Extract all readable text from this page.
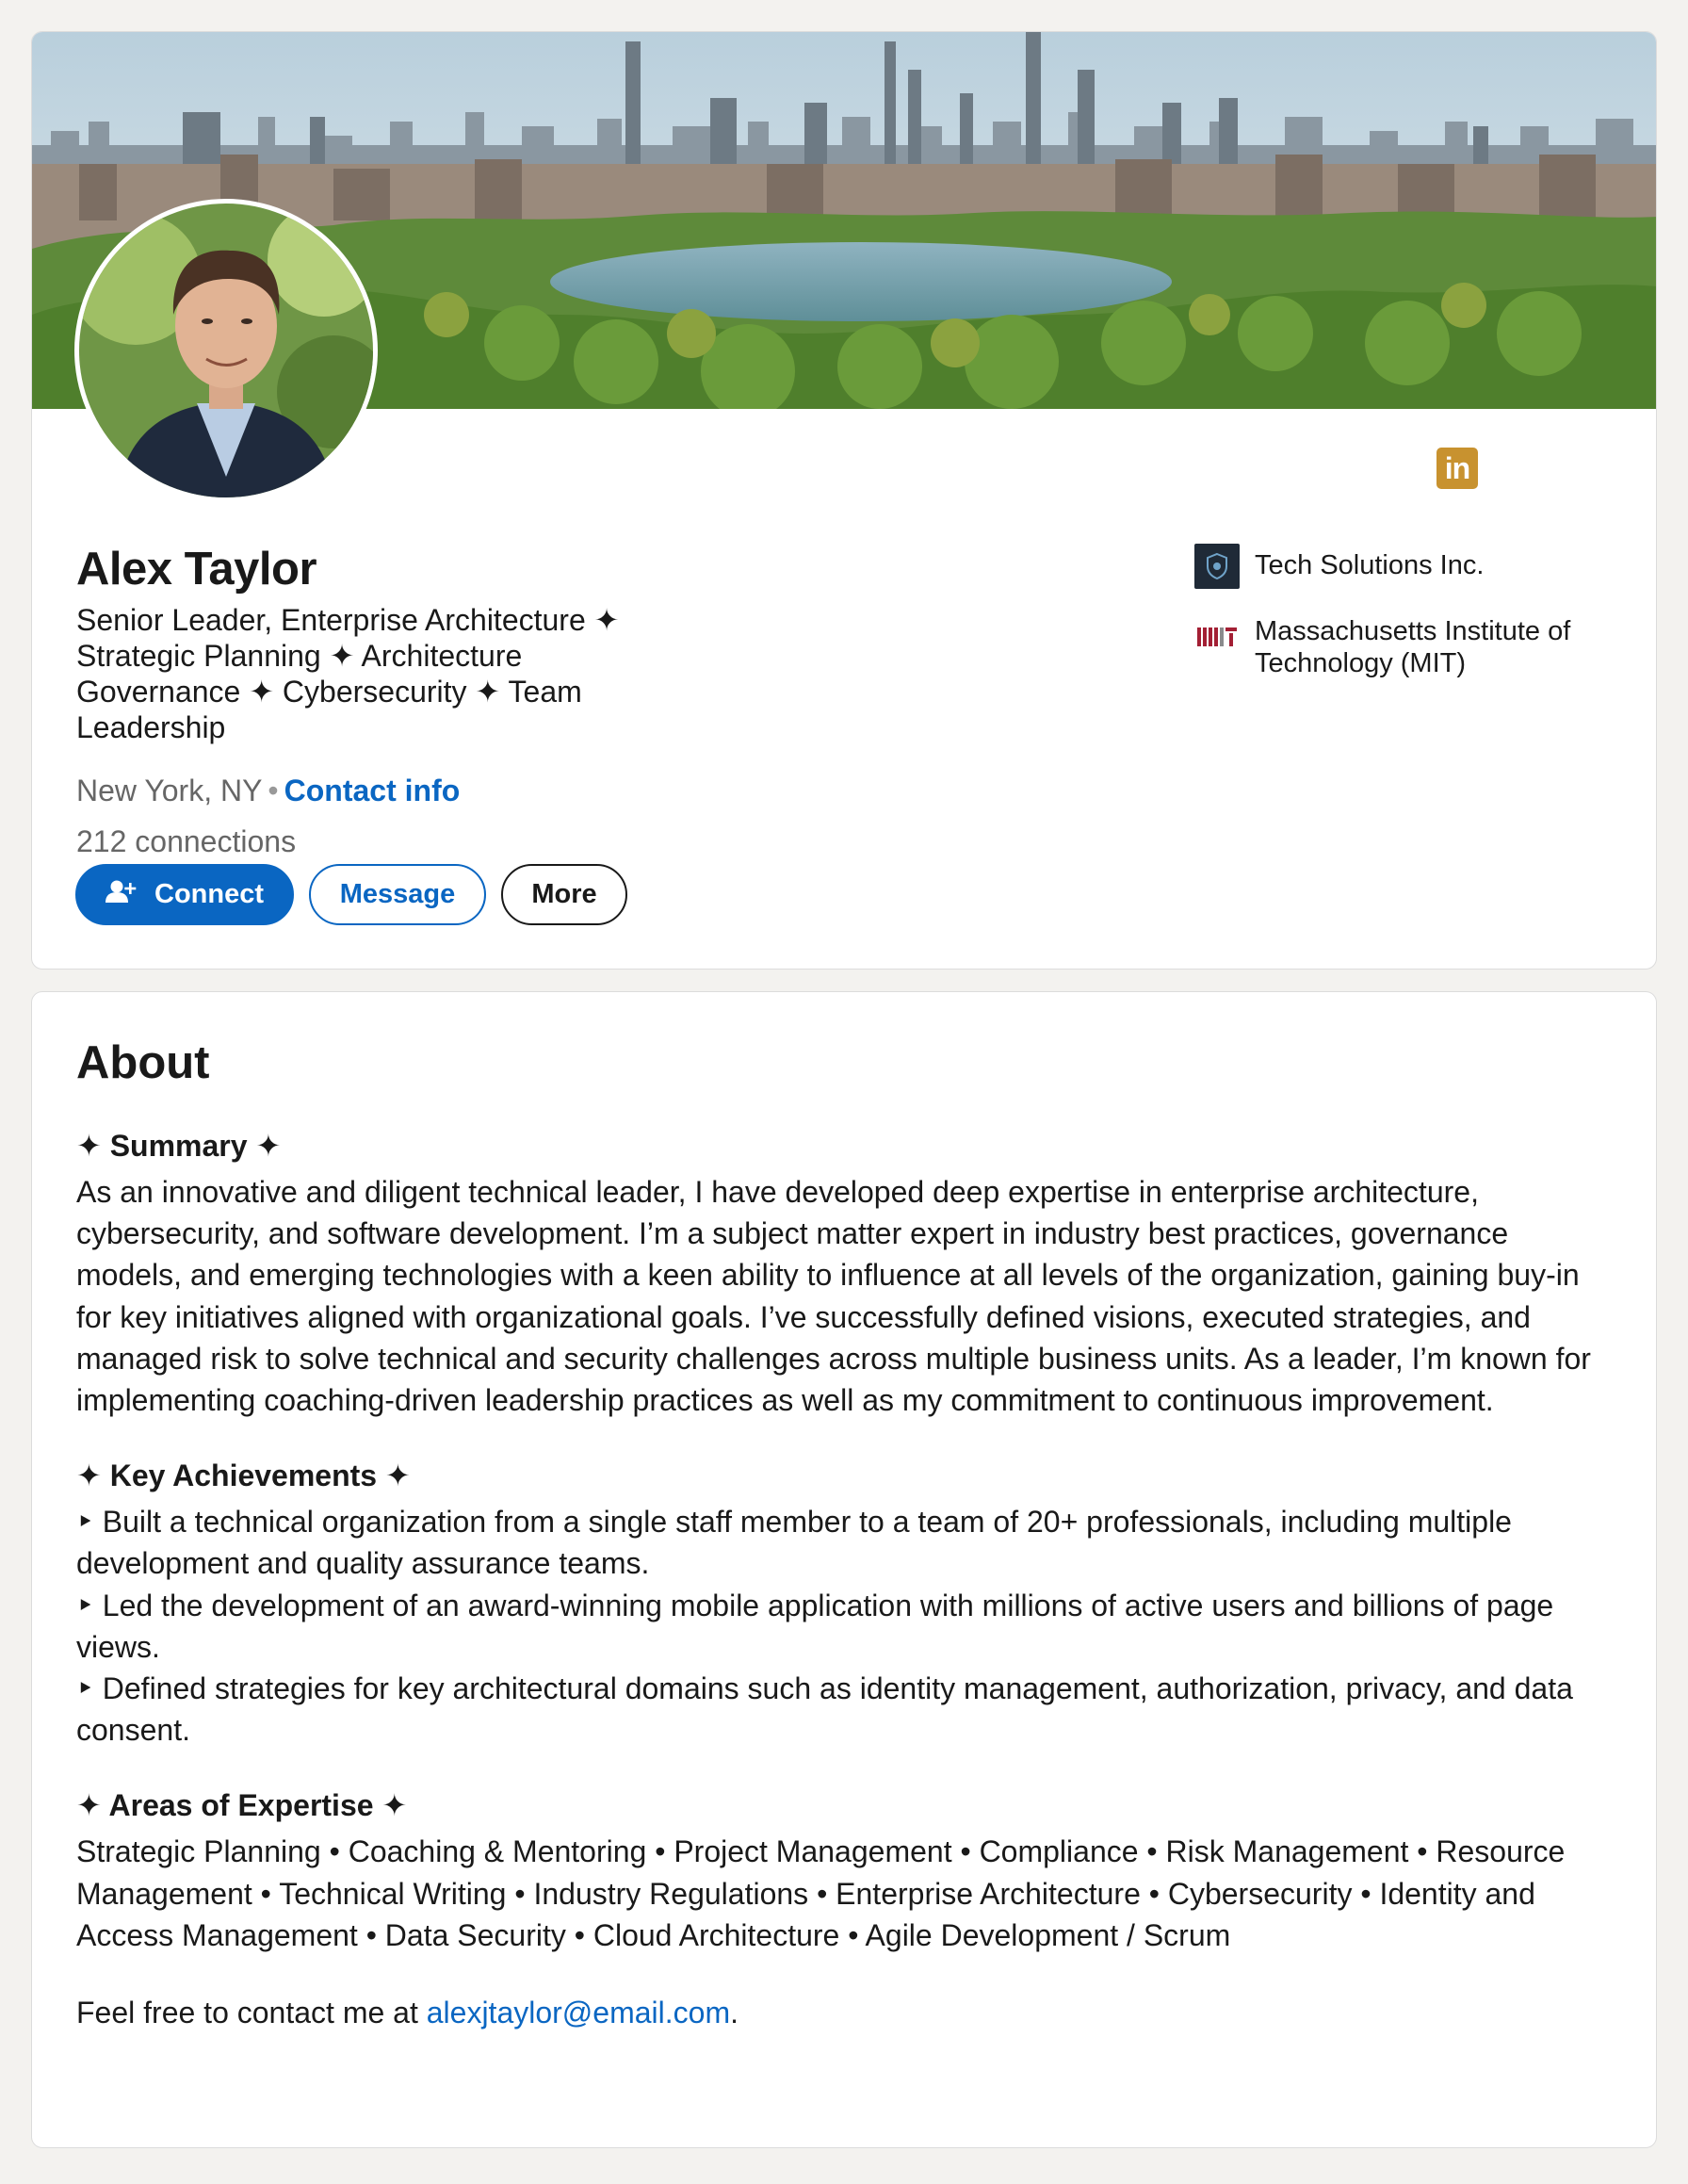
in
Alex Taylor
Senior Leader, Enterprise Architecture ✦ Strategic Planning ✦ Architecture Governance ✦ Cybersecurity ✦ Team Leadership
New York, NY • Contact info
212 connections
Connect	Message	More
Tech Solutions Inc.
Massachusetts Institute of Technology (MIT)
About
✦ Summary ✦

As an innovative and diligent technical leader, I have developed deep expertise in enterprise architecture, cybersecurity, and software development. I’m a subject matter expert in industry best practices, governance models, and emerging technologies with a keen ability to influence at all levels of the organization, gaining buy-in for key initiatives aligned with organizational goals. I’ve successfully defined visions, executed strategies, and managed risk to solve technical and security challenges across multiple business units. As a leader, I’m known for implementing coaching-driven leadership practices as well as my commitment to continuous improvement.

✦ Key Achievements ✦
‣ Built a technical organization from a single staff member to a team of 20+ professionals, including multiple development and quality assurance teams.
‣ Led the development of an award-winning mobile application with millions of active users and billions of page views.
‣ Defined strategies for key architectural domains such as identity management, authorization, privacy, and data consent.
✦ Areas of Expertise ✦

Strategic Planning • Coaching & Mentoring • Project Management • Compliance • Risk Management • Resource Management • Technical Writing • Industry Regulations • Enterprise Architecture • Cybersecurity • Identity and Access Management • Data Security • Cloud Architecture • Agile Development / Scrum

Feel free to contact me at alexjtaylor@email.com.
